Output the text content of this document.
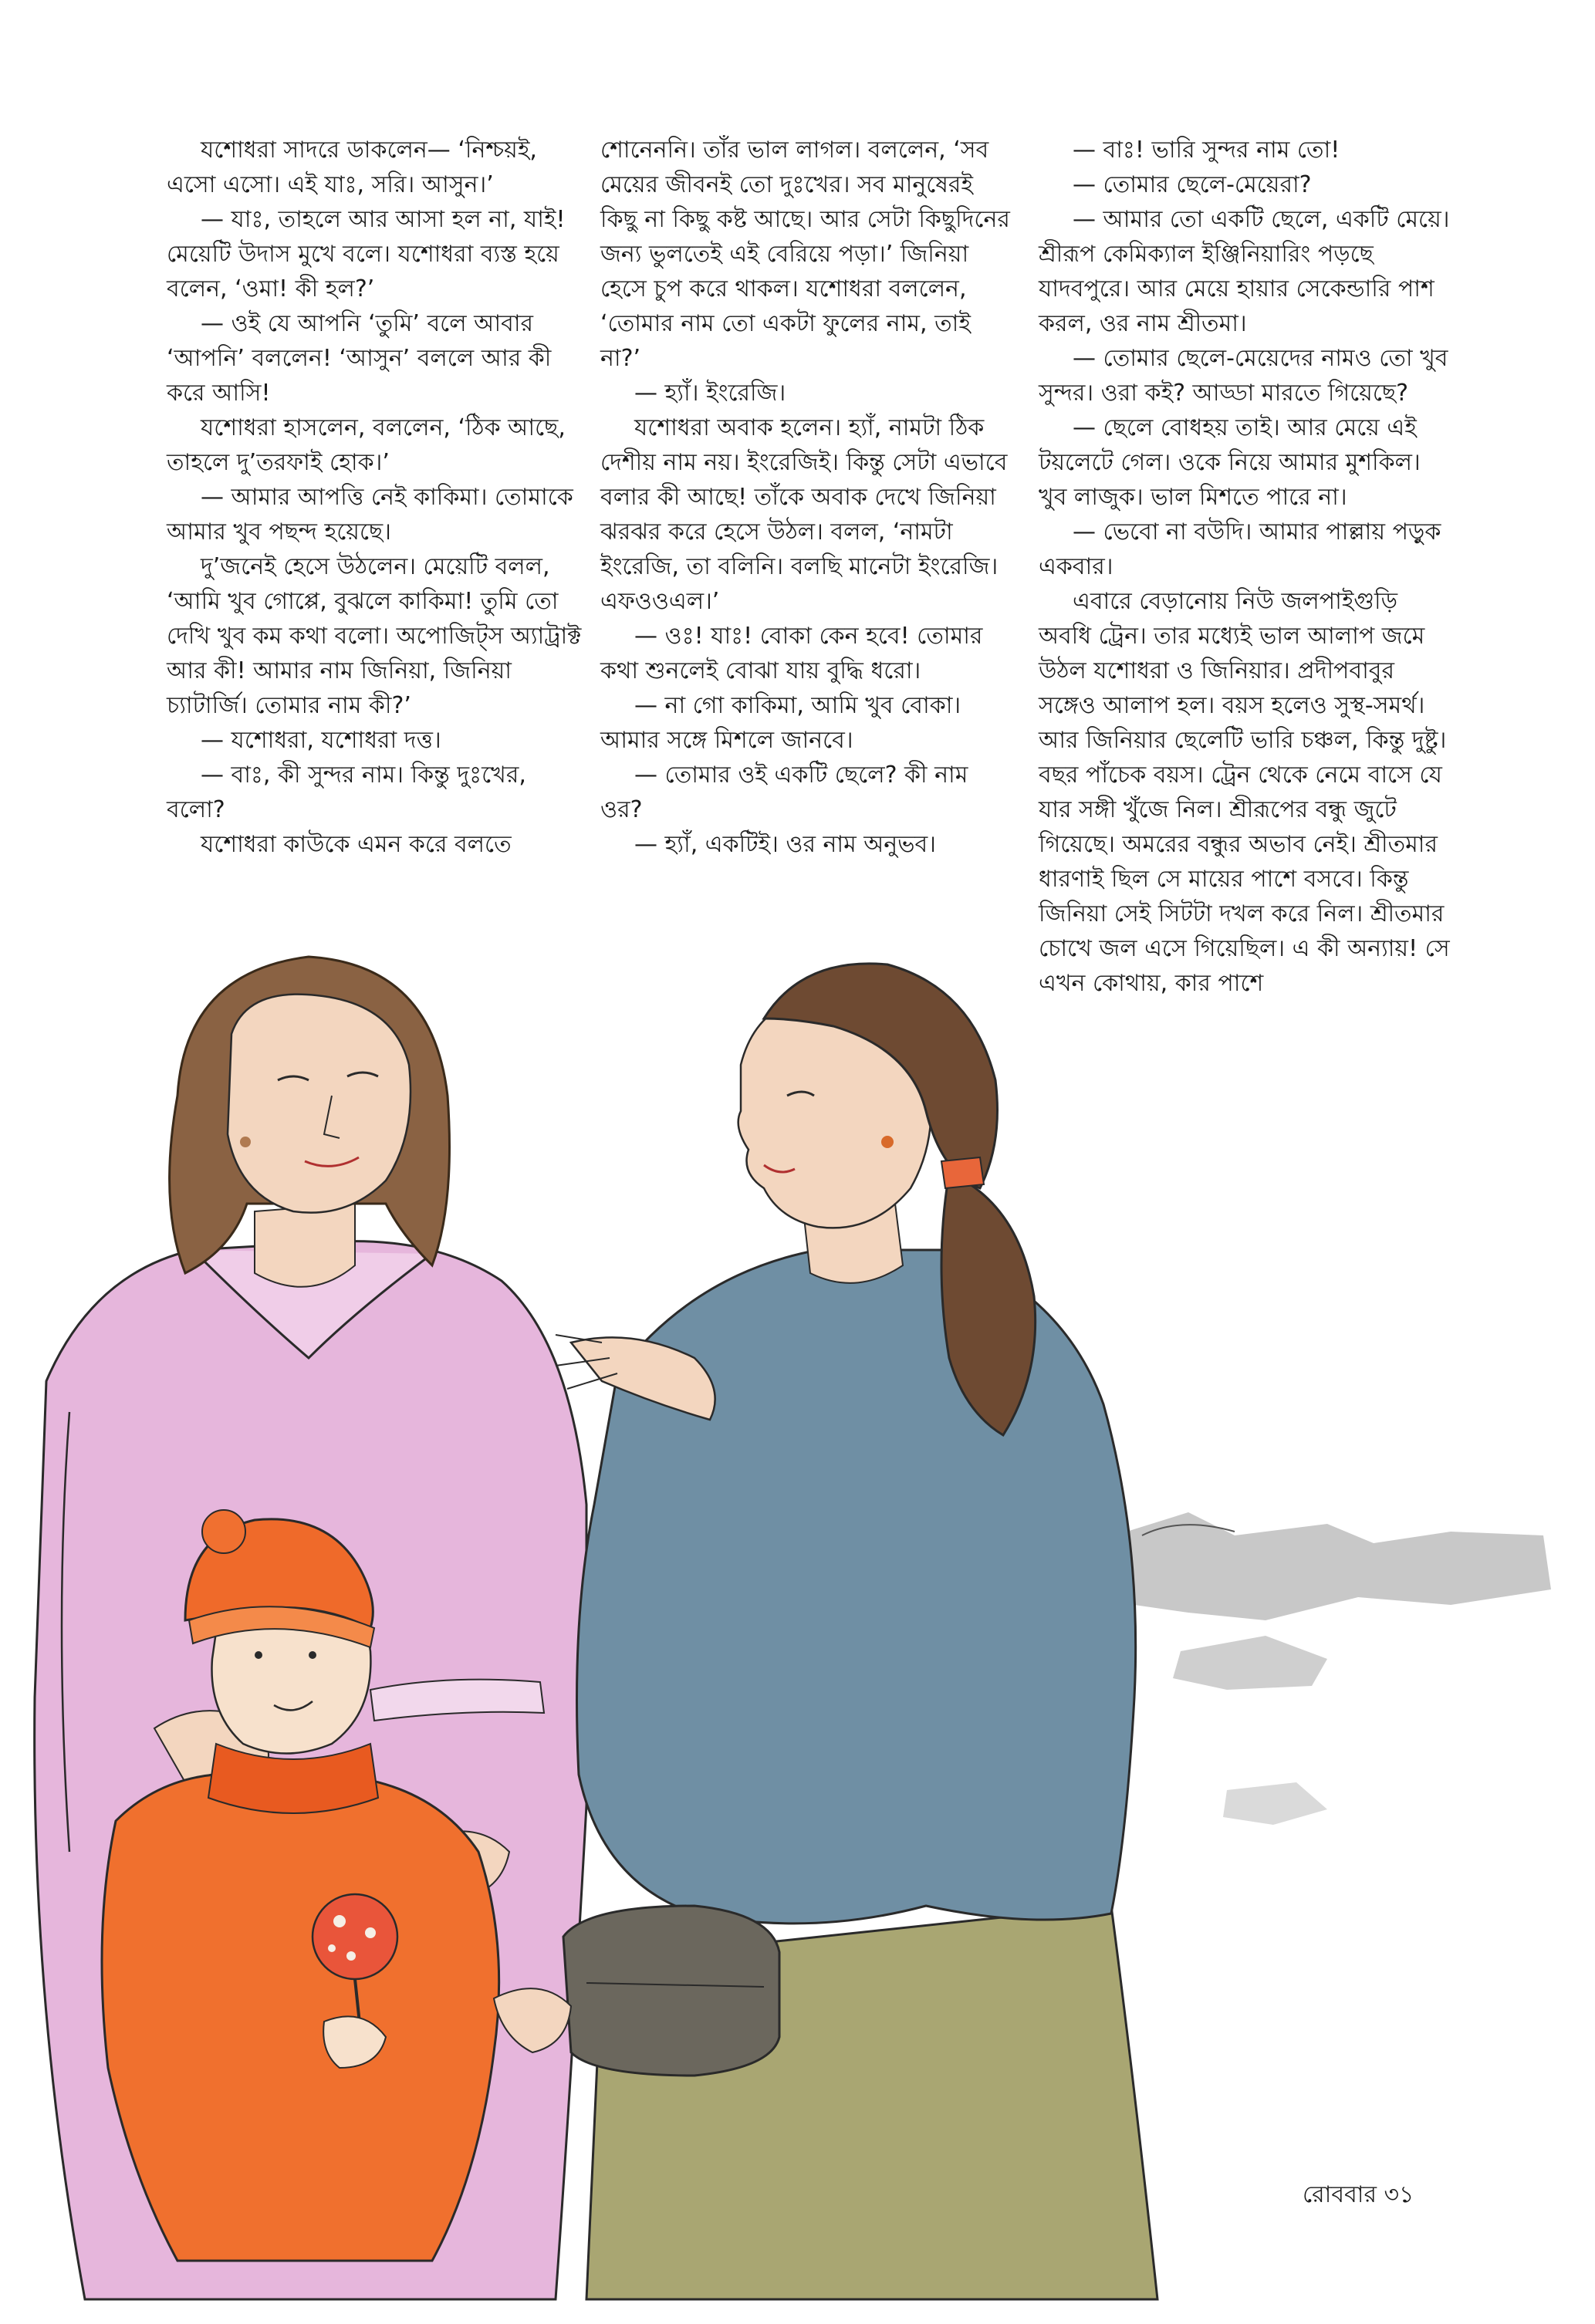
যশোধরা সাদরে ডাকলেন— ‘নিশ্চয়ই, এসো এসো। এই যাঃ, সরি। আসুন।’

— যাঃ, তাহলে আর আসা হল না, যাই! মেয়েটি উদাস মুখে বলে। যশোধরা ব্যস্ত হয়ে বলেন, ‘ওমা! কী হল?’

— ওই যে আপনি ‘তুমি’ বলে আবার ‘আপনি’ বললেন! ‘আসুন’ বললে আর কী করে আসি!

যশোধরা হাসলেন, বললেন, ‘ঠিক আছে, তাহলে দু’তরফাই হোক।’

— আমার আপত্তি নেই কাকিমা। তোমাকে আমার খুব পছন্দ হয়েছে।

দু’জনেই হেসে উঠলেন। মেয়েটি বলল, ‘আমি খুব গোপ্পে, বুঝলে কাকিমা! তুমি তো দেখি খুব কম কথা বলো। অপোজিট্‌স অ্যাট্রাক্ট আর কী! আমার নাম জিনিয়া, জিনিয়া চ্যাটার্জি। তোমার নাম কী?’

— যশোধরা, যশোধরা দত্ত।

— বাঃ, কী সুন্দর নাম। কিন্তু দুঃখের, বলো?

যশোধরা কাউকে এমন করে বলতে

শোনেননি। তাঁর ভাল লাগল। বললেন, ‘সব মেয়ের জীবনই তো দুঃখের। সব মানুষেরই কিছু না কিছু কষ্ট আছে। আর সেটা কিছুদিনের জন্য ভুলতেই এই বেরিয়ে পড়া।’ জিনিয়া হেসে চুপ করে থাকল। যশোধরা বললেন, ‘তোমার নাম তো একটা ফুলের নাম, তাই না?’

— হ্যাঁ। ইংরেজি।

যশোধরা অবাক হলেন। হ্যাঁ, নামটা ঠিক দেশীয় নাম নয়। ইংরেজিই। কিন্তু সেটা এভাবে বলার কী আছে! তাঁকে অবাক দেখে জিনিয়া ঝরঝর করে হেসে উঠল। বলল, ‘নামটা ইংরেজি, তা বলিনি। বলছি মানেটা ইংরেজি। এফওওএল।’

— ওঃ! যাঃ! বোকা কেন হবে! তোমার কথা শুনলেই বোঝা যায় বুদ্ধি ধরো।

— না গো কাকিমা, আমি খুব বোকা। আমার সঙ্গে মিশলে জানবে।

— তোমার ওই একটি ছেলে? কী নাম ওর?

— হ্যাঁ, একটিই। ওর নাম অনুভব।

— বাঃ! ভারি সুন্দর নাম তো!

— তোমার ছেলে-মেয়েরা?

— আমার তো একটি ছেলে, একটি মেয়ে। শ্রীরূপ কেমিক্যাল ইঞ্জিনিয়ারিং পড়ছে যাদবপুরে। আর মেয়ে হায়ার সেকেন্ডারি পাশ করল, ওর নাম শ্রীতমা।

— তোমার ছেলে-মেয়েদের নামও তো খুব সুন্দর। ওরা কই? আড্ডা মারতে গিয়েছে?

— ছেলে বোধহয় তাই। আর মেয়ে এই টয়লেটে গেল। ওকে নিয়ে আমার মুশকিল। খুব লাজুক। ভাল মিশতে পারে না।

— ভেবো না বউদি। আমার পাল্লায় পড়ুক একবার।

এবারে বেড়ানোয় নিউ জলপাইগুড়ি অবধি ট্রেন। তার মধ্যেই ভাল আলাপ জমে উঠল যশোধরা ও জিনিয়ার। প্রদীপবাবুর সঙ্গেও আলাপ হল। বয়স হলেও সুস্থ-সমর্থ। আর জিনিয়ার ছেলেটি ভারি চঞ্চল, কিন্তু দুষ্টু। বছর পাঁচেক বয়স। ট্রেন থেকে নেমে বাসে যে যার সঙ্গী খুঁজে নিল। শ্রীরূপের বন্ধু জুটে গিয়েছে। অমরের বন্ধুর অভাব নেই। শ্রীতমার ধারণাই ছিল সে মায়ের পাশে বসবে। কিন্তু জিনিয়া সেই সিটটা দখল করে নিল। শ্রীতমার চোখে জল এসে গিয়েছিল। এ কী অন্যায়! সে এখন কোথায়, কার পাশে

রোববার ৩১
